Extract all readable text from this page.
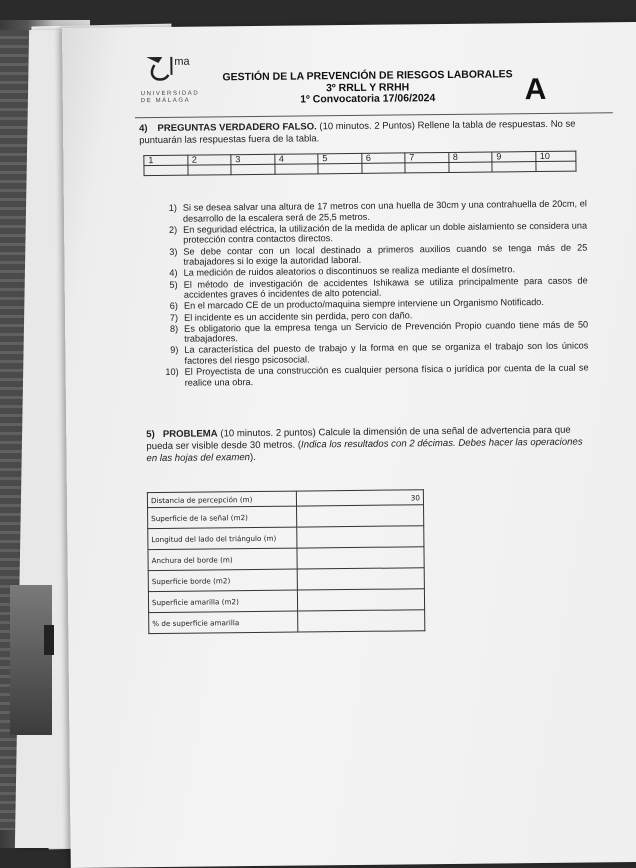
ma
UNIVERSIDAD
DE MÁLAGA
GESTIÓN DE LA PREVENCIÓN DE RIESGOS LABORALES
3º RRLL Y RRHH
1º Convocatoria 17/06/2024	A
4) PREGUNTAS VERDADERO FALSO. (10 minutos. 2 Puntos) Rellene la tabla de respuestas. No se puntuarán las respuestas fuera de la tabla.
1	2	3	4	5	6	7	8	9	10

1) Si se desea salvar una altura de 17 metros con una huella de 30cm y una contrahuella de 20cm, el desarrollo de la escalera será de 25,5 metros.
2) En seguridad eléctrica, la utilización de la medida de aplicar un doble aislamiento se considera una protección contra contactos directos.
3) Se debe contar con un local destinado a primeros auxilios cuando se tenga más de 25 trabajadores si lo exige la autoridad laboral.
4) La medición de ruidos aleatorios o discontinuos se realiza mediante el dosímetro.
5) El método de investigación de accidentes Ishikawa se utiliza principalmente para casos de accidentes graves ó incidentes de alto potencial.
6) En el marcado CE de un producto/maquina siempre interviene un Organismo Notificado.
7) El incidente es un accidente sin perdida, pero con daño.
8) Es obligatorio que la empresa tenga un Servicio de Prevención Propio cuando tiene más de 50 trabajadores.
9) La característica del puesto de trabajo y la forma en que se organiza el trabajo son los únicos factores del riesgo psicosocial.
10) El Proyectista de una construcción es cualquier persona física o jurídica por cuenta de la cual se realice una obra.
5) PROBLEMA (10 minutos. 2 puntos) Calcule la dimensión de una señal de advertencia para que pueda ser visible desde 30 metros. (Indica los resultados con 2 décimas. Debes hacer las operaciones en las hojas del examen).
Distancia de percepción (m)	30
Superficie de la señal (m2)	
Longitud del lado del triángulo (m)	
Anchura del borde (m)	
Superficie borde (m2)	
Superficie amarilla (m2)	
% de superficie amarilla	
